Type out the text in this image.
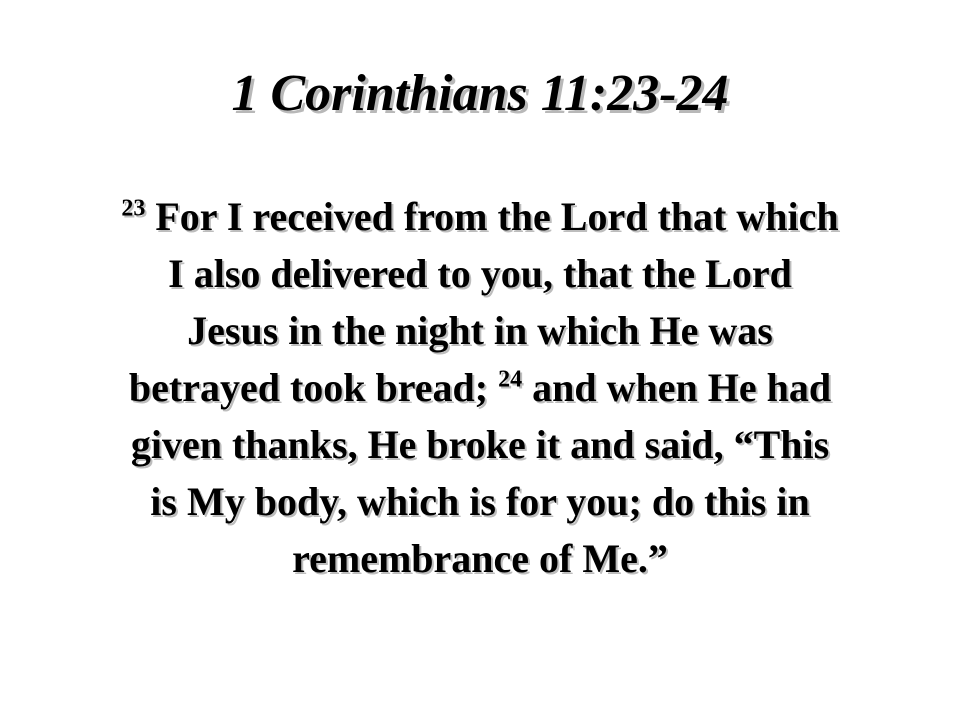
1 Corinthians 11:23-24
$^{23}$ For I received from the Lord that which
I also delivered to you, that the Lord
Jesus in the night in which He was
betrayed took bread; $^{24}$ and when He had
given thanks, He broke it and said, “This
is My body, which is for you; do this in
remembrance of Me.”
